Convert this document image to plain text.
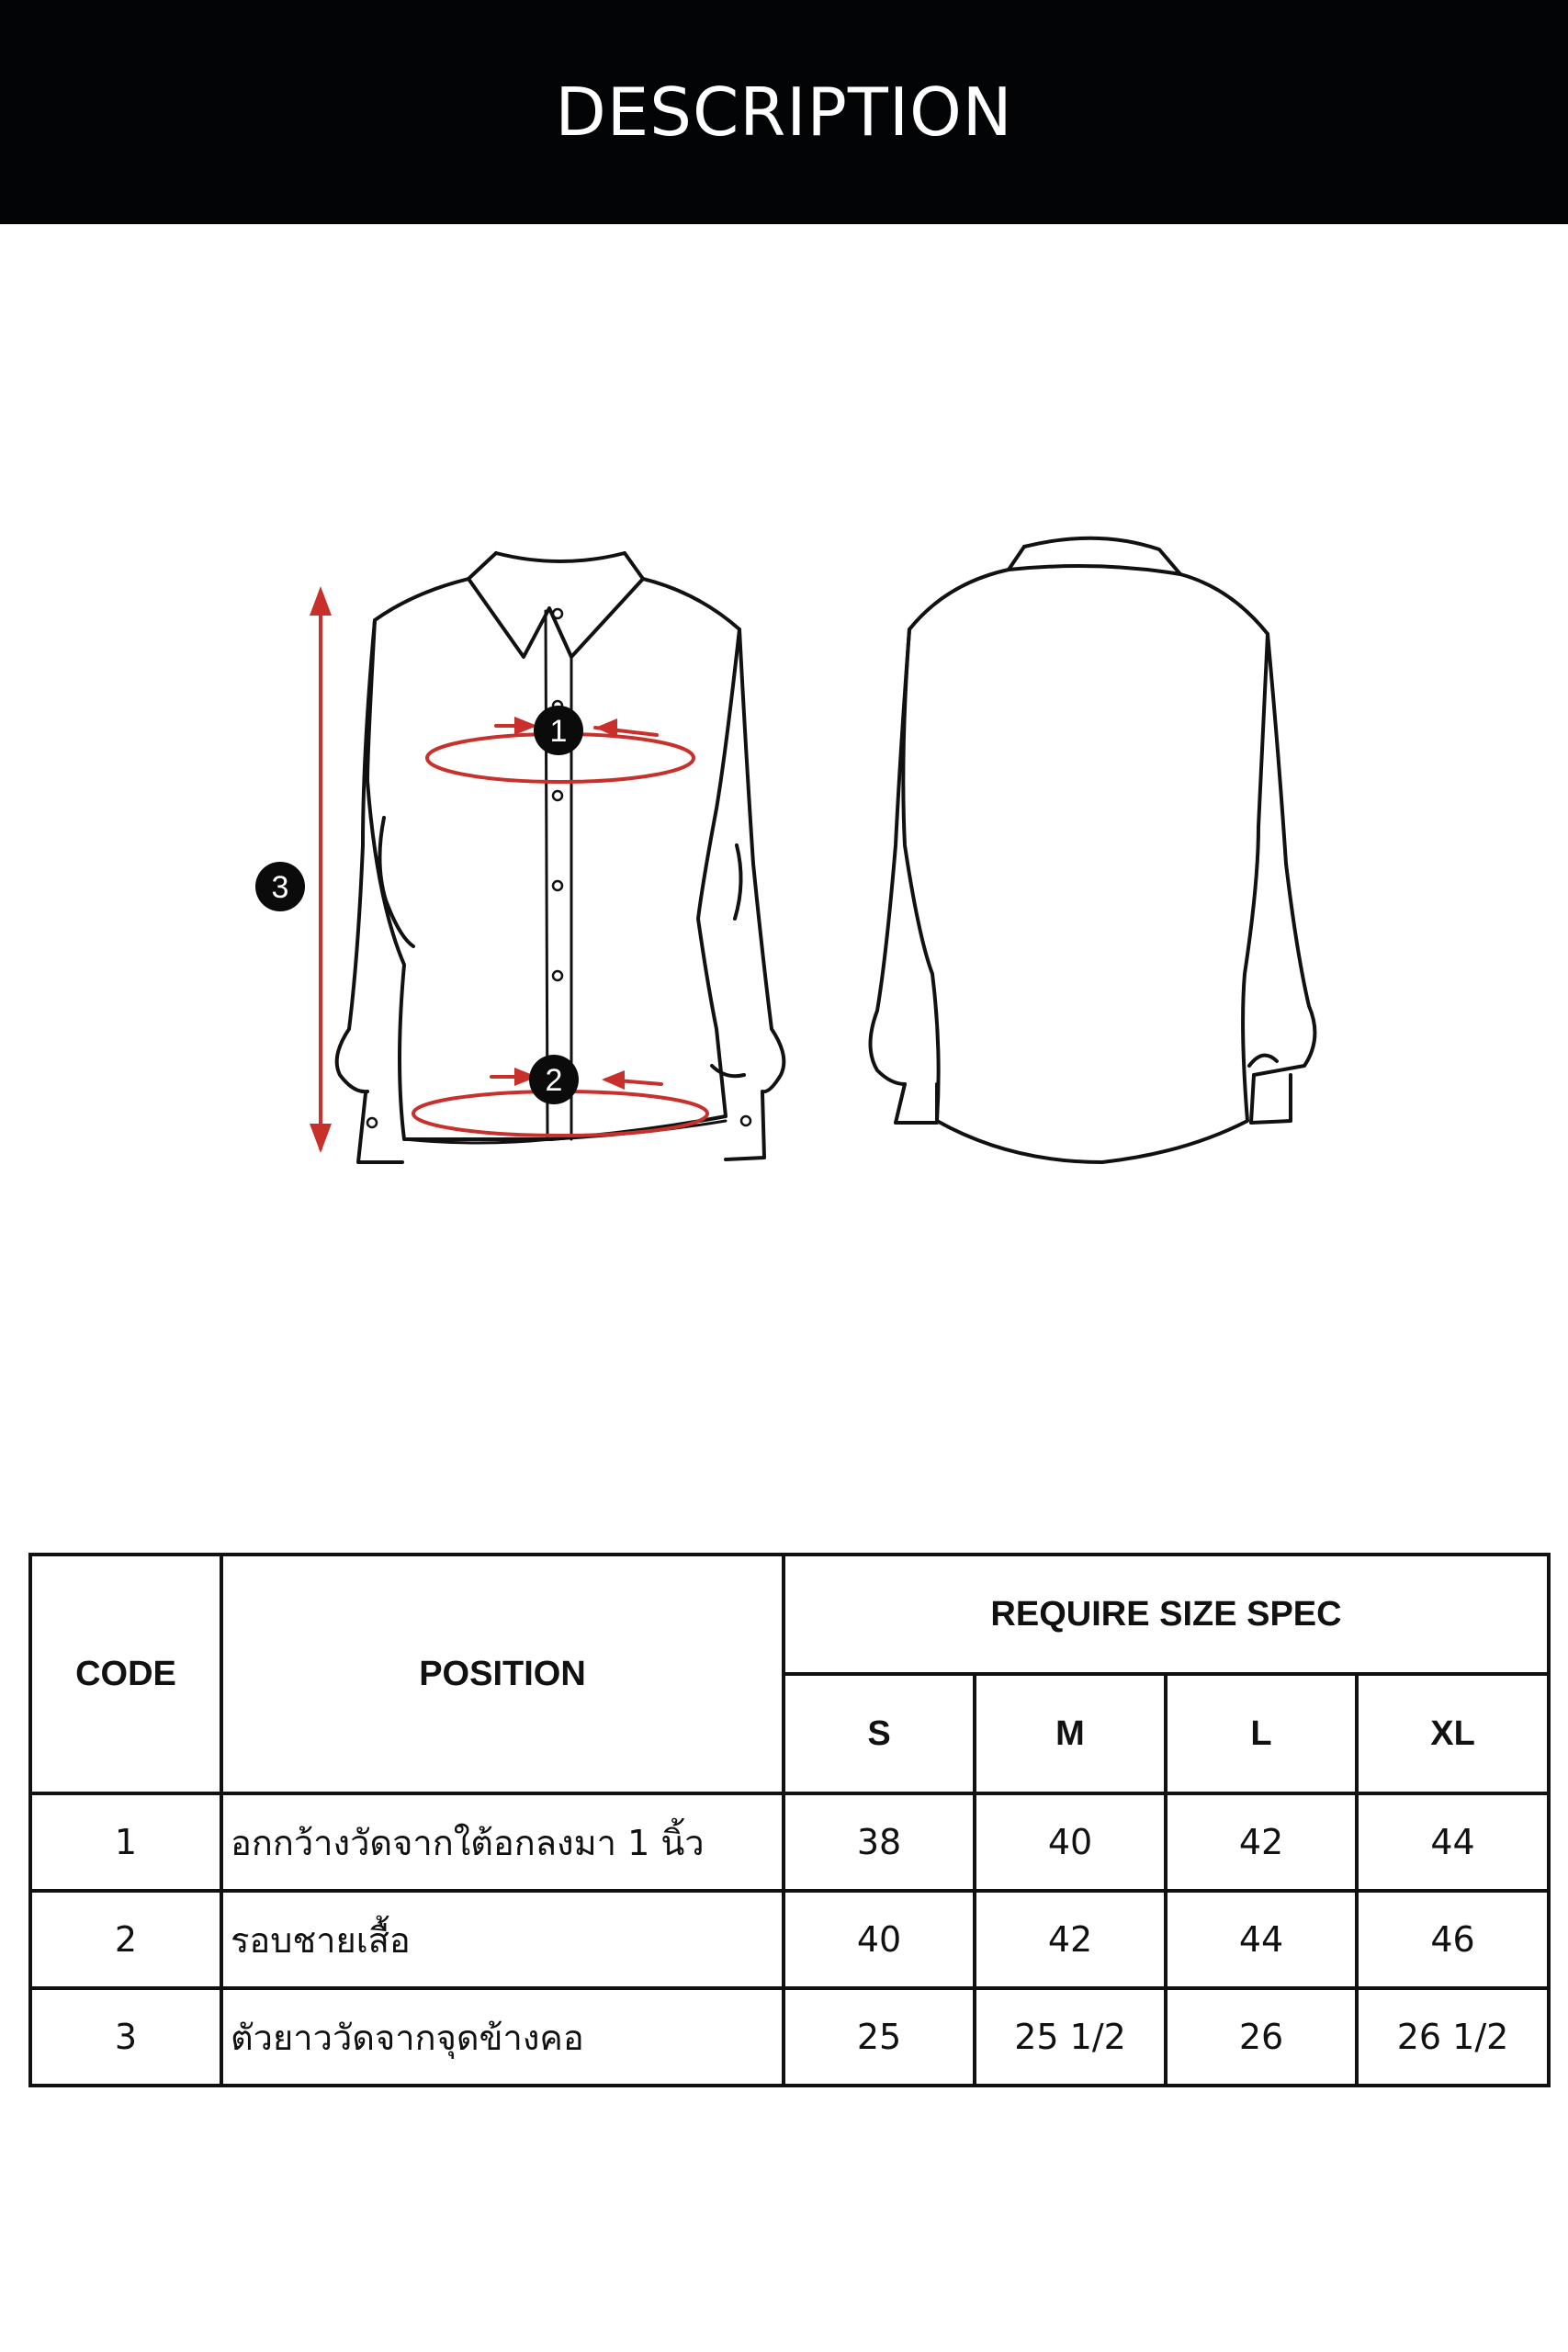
DESCRIPTION
1
2
3
CODE	POSITION	REQUIRE SIZE SPEC			
		S	M	L	XL
1	อกกว้างวัดจากใต้อกลงมา 1 นิ้ว	38	40	42	44
2	รอบชายเสื้อ	40	42	44	46
3	ตัวยาววัดจากจุดข้างคอ	25	25 1/2	26	26 1/2
